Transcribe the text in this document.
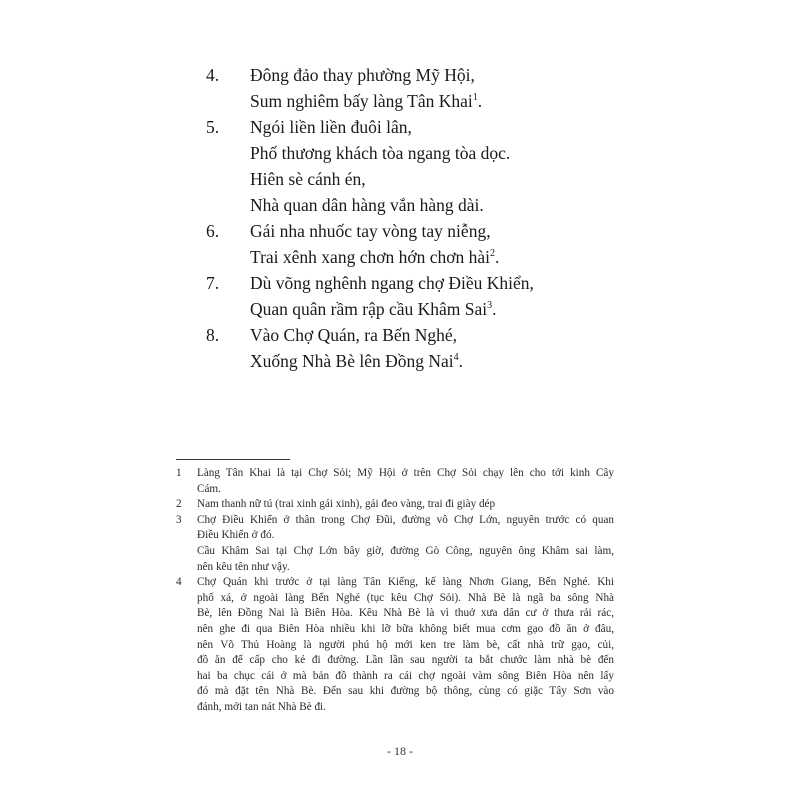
4.	Đông đảo thay phường Mỹ Hội,
Sum nghiêm bấy làng Tân Khai$^1$.
5.	Ngói liền liền đuôi lân,
Phố thương khách tòa ngang tòa dọc.
Hiên sè cánh én,
Nhà quan dân hàng vắn hàng dài.
6.	Gái nha nhuốc tay vòng tay niễng,
Trai xênh xang chơn hớn chơn hài$^2$.
7.	Dù võng nghênh ngang chợ Điều Khiển,
Quan quân rầm rập cầu Khâm Sai$^3$.
8.	Vào Chợ Quán, ra Bến Nghé,
Xuống Nhà Bè lên Đồng Nai$^4$.
1	Làng Tân Khai là tại Chợ Sỏi; Mỹ Hội ở trên Chợ Sỏi chạy lên cho tới kinh Cây
Cám.
2	Nam thanh nữ tú (trai xinh gái xinh), gái đeo vàng, trai đi giày dép
3	Chợ Điều Khiển ở thân trong Chợ Đũi, đường vô Chợ Lớn, nguyên trước có quan
Điều Khiển ở đó.
Cầu Khâm Sai tại Chợ Lớn bây giờ, đường Gò Công, nguyên ông Khâm sai làm,
nên kêu tên như vậy.
4	Chợ Quán khi trước ở tại làng Tân Kiểng, kế làng Nhơn Giang, Bến Nghé. Khi
phố xá, ở ngoài làng Bến Nghé (tục kêu Chợ Sỏi). Nhà Bè là ngã ba sông Nhà
Bè, lên Đồng Nai là Biên Hòa. Kêu Nhà Bè là vì thuở xưa dân cư ở thưa rải rác,
nên ghe đi qua Biên Hòa nhiều khi lỡ bữa không biết mua cơm gạo đồ ăn ở đâu,
nên Võ Thủ Hoàng là người phú hộ mới ken tre làm bè, cất nhà trữ gạo, củi,
đồ ăn để cấp cho kẻ đi đường. Lần lần sau người ta bắt chước làm nhà bè đến
hai ba chục cái ở mà bản đồ thành ra cái chợ ngoài vàm sông Biên Hòa nên lấy
đó mà đặt tên Nhà Bè. Đến sau khi đường bộ thông, cùng có giặc Tây Sơn vào
đánh, mới tan nát Nhà Bè đi.
- 18 -
